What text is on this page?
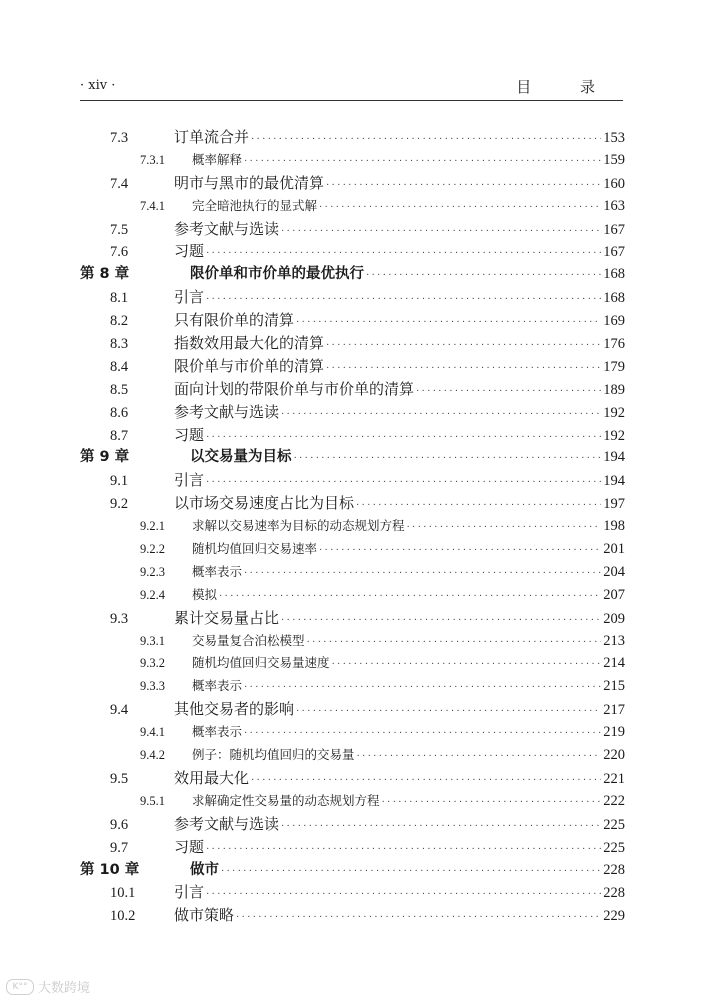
· xiv ·	目 录
7.3	订单流合并 ·····	153
7.3.1	概率解释 ·····	159
7.4	明市与黑市的最优清算 ·····	160
7.4.1	完全暗池执行的显式解 ·····	163
7.5	参考文献与选读 ·····	167
7.6	习题 ·····	167
第 8 章	限价单和市价单的最优执行 ·····	168
8.1	引言 ·····	168
8.2	只有限价单的清算 ·····	169
8.3	指数效用最大化的清算 ·····	176
8.4	限价单与市价单的清算 ·····	179
8.5	面向计划的带限价单与市价单的清算 ·····	189
8.6	参考文献与选读 ·····	192
8.7	习题 ·····	192
第 9 章	以交易量为目标 ·····	194
9.1	引言 ·····	194
9.2	以市场交易速度占比为目标 ·····	197
9.2.1	求解以交易速率为目标的动态规划方程 ·····	198
9.2.2	随机均值回归交易速率 ·····	201
9.2.3	概率表示 ·····	204
9.2.4	模拟 ·····	207
9.3	累计交易量占比 ·····	209
9.3.1	交易量复合泊松模型 ·····	213
9.3.2	随机均值回归交易量速度 ·····	214
9.3.3	概率表示 ·····	215
9.4	其他交易者的影响 ·····	217
9.4.1	概率表示 ·····	219
9.4.2	例子：随机均值回归的交易量 ·····	220
9.5	效用最大化 ·····	221
9.5.1	求解确定性交易量的动态规划方程 ·····	222
9.6	参考文献与选读 ·····	225
9.7	习题 ·····	225
第 10 章	做市 ·····	228
10.1	引言 ·····	228
10.2	做市策略 ·····	229
K°° 大数跨境
